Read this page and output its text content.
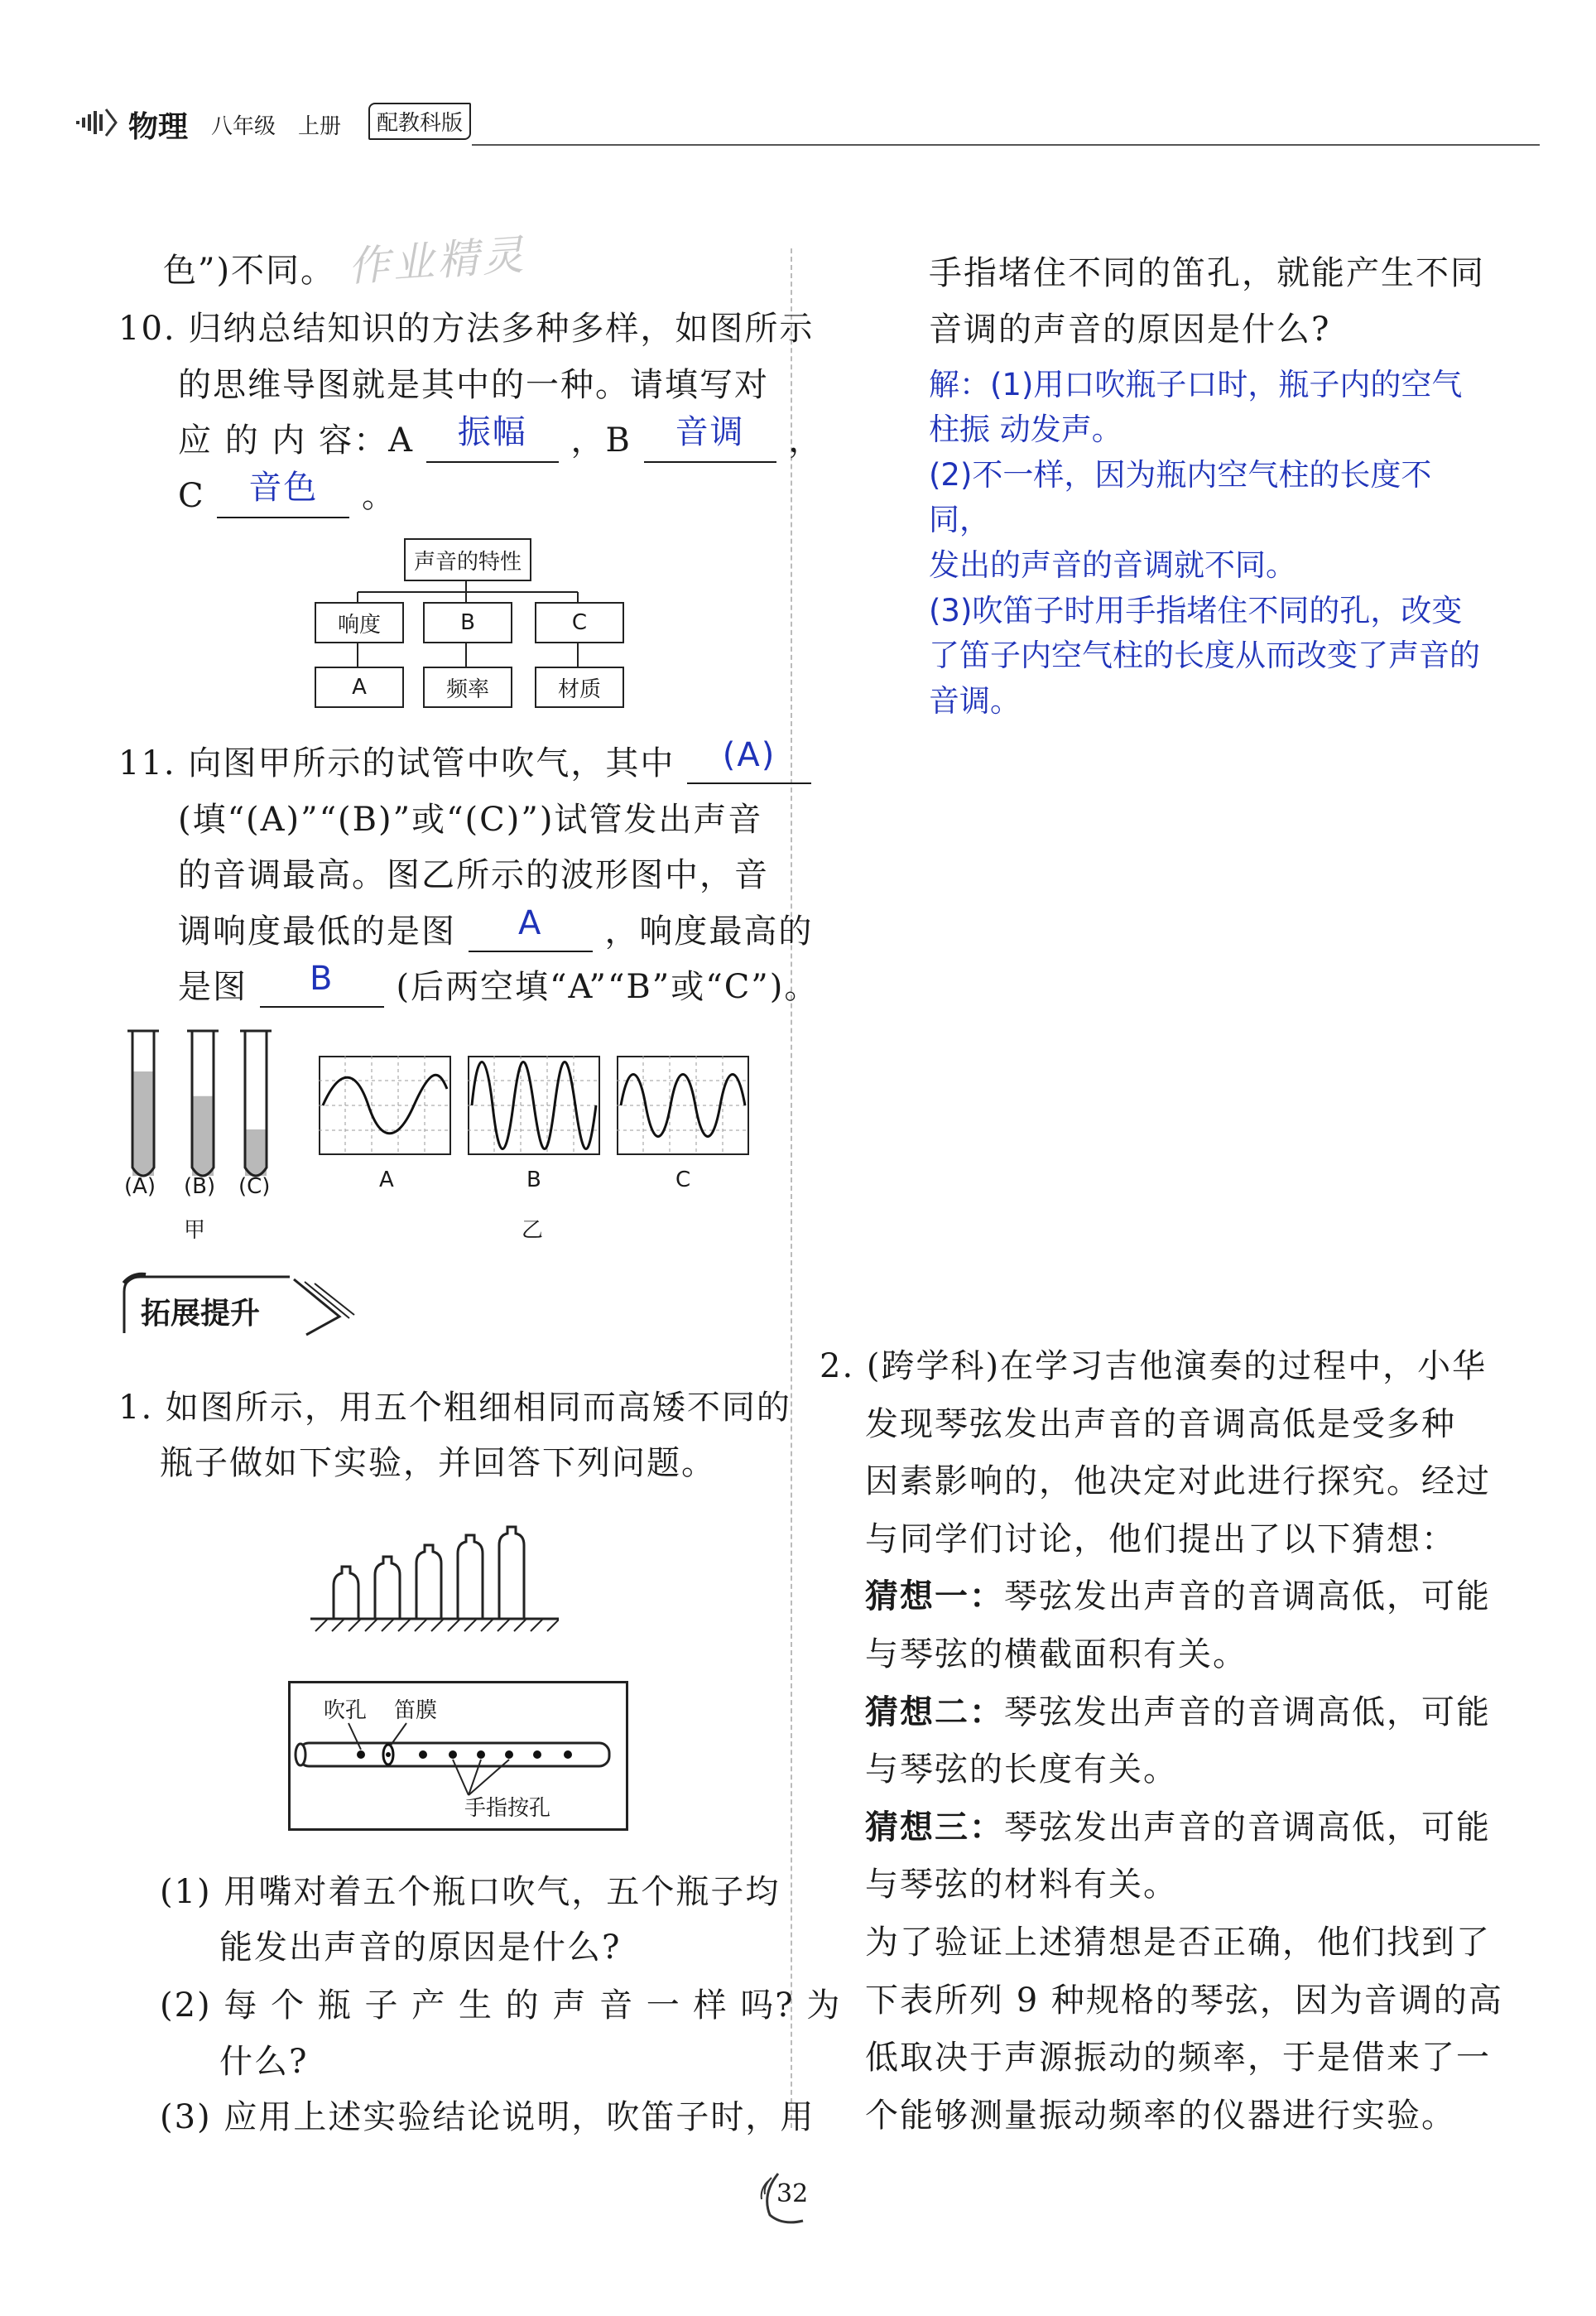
物理 八年级 上册	配教科版
作业精灵
色”)不同。
10. 归纳总结知识的方法多种多样，如图所示
的思维导图就是其中的一种。请填写对
应 的 内 容：A 振幅 ，B 音调 ，
C 音色 。
声音的特性
响度	B	C
A	频率	材质
11. 向图甲所示的试管中吹气，其中 (A)
(填“(A)”“(B)”或“(C)”)试管发出声音
的音调最高。图乙所示的波形图中，音
调响度最低的是图 A ，响度最高的
是图 B (后两空填“A”“B”或“C”)。
(A) (B) (C)
甲
A	B	C
乙
拓展提升
1. 如图所示，用五个粗细相同而高矮不同的
瓶子做如下实验，并回答下列问题。
吹孔 笛膜
手指按孔
(1) 用嘴对着五个瓶口吹气，五个瓶子均
能发出声音的原因是什么?
(2) 每 个 瓶 子 产 生 的 声 音 一 样 吗? 为
什么?
(3) 应用上述实验结论说明，吹笛子时，用
手指堵住不同的笛孔，就能产生不同
音调的声音的原因是什么?
解：(1)用口吹瓶子口时，瓶子内的空气
柱振 动发声。
(2)不一样，因为瓶内空气柱的长度不
同，
发出的声音的音调就不同。
(3)吹笛子时用手指堵住不同的孔，改变
了笛子内空气柱的长度从而改变了声音的
音调。
2. (跨学科)在学习吉他演奏的过程中，小华
发现琴弦发出声音的音调高低是受多种
因素影响的，他决定对此进行探究。经过
与同学们讨论，他们提出了以下猜想：
猜想一：琴弦发出声音的音调高低，可能
与琴弦的横截面积有关。
猜想二：琴弦发出声音的音调高低，可能
与琴弦的长度有关。
猜想三：琴弦发出声音的音调高低，可能
与琴弦的材料有关。
为了验证上述猜想是否正确，他们找到了
下表所列 9 种规格的琴弦，因为音调的高
低取决于声源振动的频率，于是借来了一
个能够测量振动频率的仪器进行实验。
32
